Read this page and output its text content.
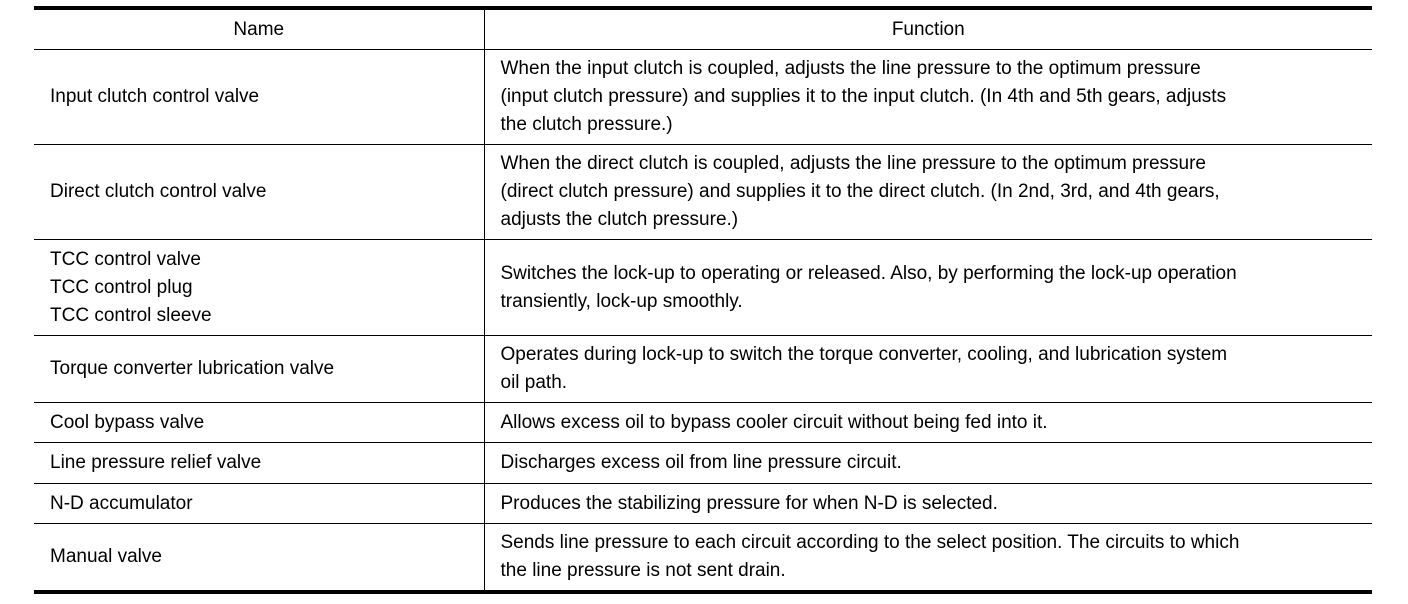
Name	Function

Input clutch control valve	When the input clutch is coupled, adjusts the line pressure to the optimum pressure
(input clutch pressure) and supplies it to the input clutch. (In 4th and 5th gears, adjusts
the clutch pressure.)

Direct clutch control valve	When the direct clutch is coupled, adjusts the line pressure to the optimum pressure
(direct clutch pressure) and supplies it to the direct clutch. (In 2nd, 3rd, and 4th gears,
adjusts the clutch pressure.)

TCC control valve
TCC control plug
TCC control sleeve	Switches the lock-up to operating or released. Also, by performing the lock-up operation
transiently, lock-up smoothly.

Torque converter lubrication valve	Operates during lock-up to switch the torque converter, cooling, and lubrication system
oil path.

Cool bypass valve	Allows excess oil to bypass cooler circuit without being fed into it.

Line pressure relief valve	Discharges excess oil from line pressure circuit.

N-D accumulator	Produces the stabilizing pressure for when N-D is selected.

Manual valve	Sends line pressure to each circuit according to the select position. The circuits to which
the line pressure is not sent drain.
